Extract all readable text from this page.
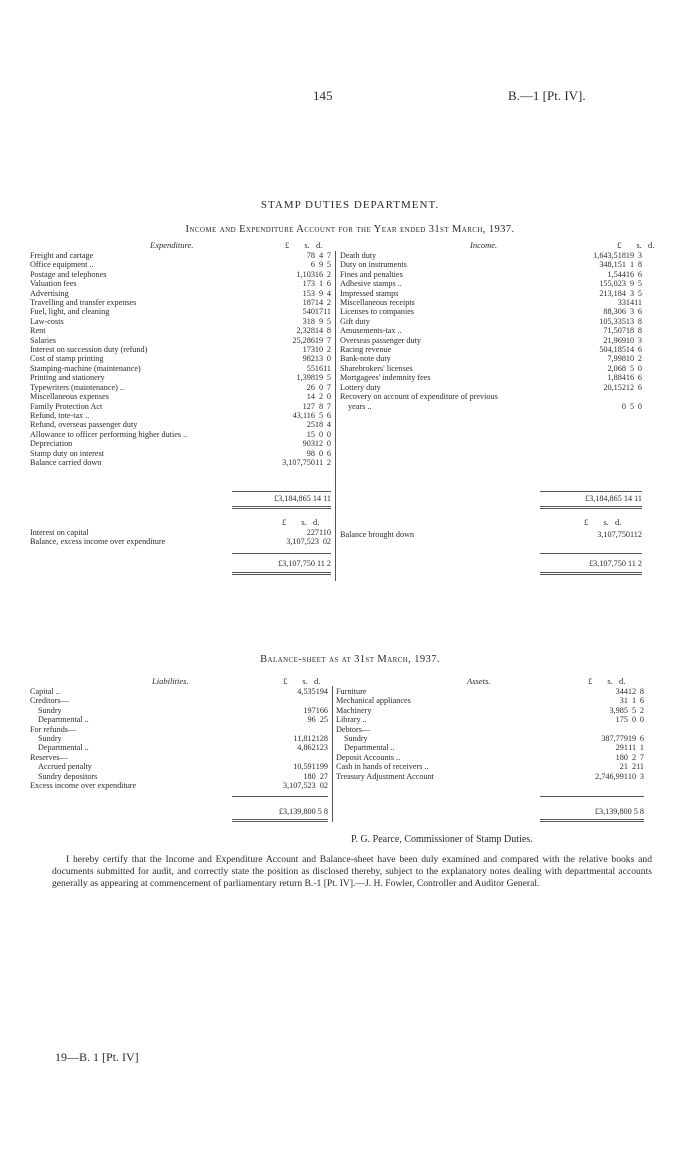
145	B.—1 [Pt. IV].
STAMP DUTIES DEPARTMENT.
Income and Expenditure Account for the Year ended 31st March, 1937.
Expenditure.	Income.
£ s. d.	£ s. d.
Freight and cartage	78	4	7
Office equipment ..	6	9	5
Postage and telephones	1,103	16	2
Valuation fees	173	1	6
Advertising	153	9	4
Travelling and transfer expenses	187	14	2
Fuel, light, and cleaning	540	17	11
Law-costs	318	9	5
Rent	2,328	14	8
Salaries	25,286	19	7
Interest on succession duty (refund)	173	10	2
Cost of stamp printing	982	13	0
Stamping-machine (maintenance)	55	16	11
Printing and stationery	1,398	19	5
Typewriters (maintenance) ..	26	0	7
Miscellaneous expenses	14	2	0
Family Protection Act	127	8	7
Refund, tote-tax ..	43,116	5	6
Refund, overseas passenger duty	25	18	4
Allowance to officer performing higher duties ..	15	0	0
Depreciation	903	12	0
Stamp duty on interest	98	0	6
Balance carried down	3,107,750	11	2
Death duty	1,643,518	19	3
Duty on instruments	348,151	1	8
Fines and penalties	1,544	16	6
Adhesive stamps ..	155,023	9	5
Impressed stamps	213,184	3	5
Miscellaneous receipts	33	14	11
Licenses to companies	88,306	3	6
Gift duty	105,335	13	8
Amusements-tax ..	71,507	18	8
Overseas passenger duty	21,969	10	3
Racing revenue	504,185	14	6
Bank-note duty	7,998	10	2
Sharebrokers' licenses	2,068	5	0
Mortgagees' indemnity fees	1,884	16	6
Lottery duty	20,152	12	6
Recovery on account of expenditure of previous			
years ..	0	5	0
£3,184,865 14 11	£3,184,865 14 11
£ s. d.	£ s. d.
Interest on capital	227	11	0
Balance, excess income over expenditure	3,107,523	0	2
Balance brought down	3,107,750	11	2
£3,107,750 11 2	£3,107,750 11 2
Balance-sheet as at 31st March, 1937.
Liabilities.	Assets.
£ s. d.	£ s. d.
Capital ..	4,535	19	4
Creditors—			
Sundry	197	16	6
Departmental ..	96	2	5
For refunds—			
Sundry	11,812	12	8
Departmental ..	4,862	12	3
Reserves—			
Accrued penalty	10,591	19	9
Sundry depositors	180	2	7
Excess income over expenditure	3,107,523	0	2
Furniture	344	12	8
Mechanical appliances	31	1	6
Machinery	3,985	5	2
Library ..	175	0	0
Debtors—			
Sundry	387,779	19	6
Departmental ..	291	11	1
Deposit Accounts ..	180	2	7
Cash in hands of receivers ..	21	2	11
Treasury Adjustment Account	2,746,991	10	3
£3,139,800 5 8	£3,139,800 5 8
P. G. Pearce, Commissioner of Stamp Duties.
I hereby certify that the Income and Expenditure Account and Balance-sheet have been duly examined and compared with the relative books and documents submitted for audit, and correctly state the position as disclosed thereby, subject to the explanatory notes dealing with departmental accounts generally as appearing at commencement of parliamentary return B.-1 [Pt. IV].—J. H. Fowler, Controller and Auditor General.
19—B. 1 [Pt. IV]
